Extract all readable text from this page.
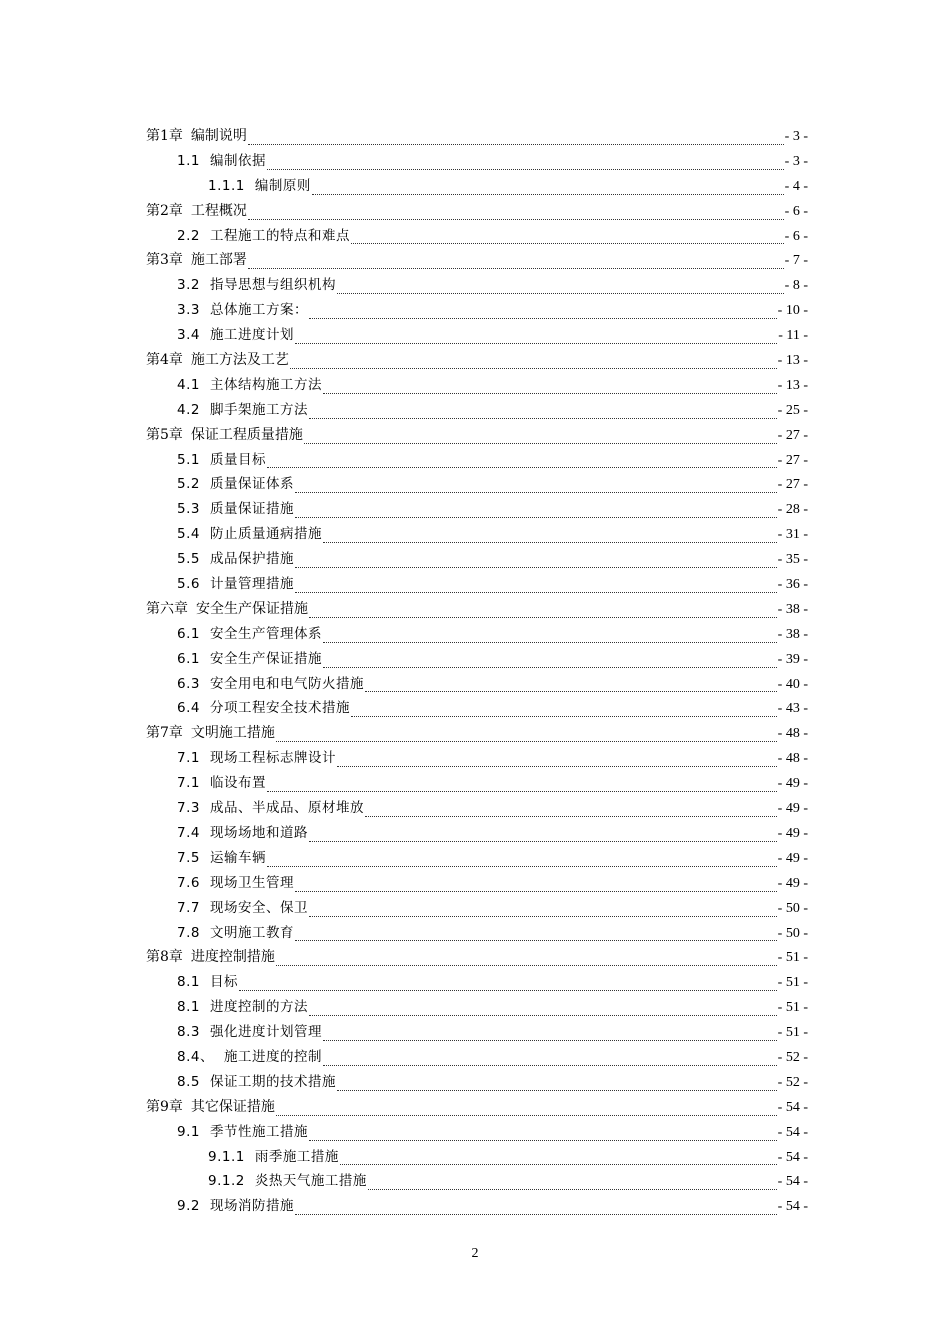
第1章 编制说明	- 3 -
1.1 编制依据	- 3 -
1.1.1 编制原则	- 4 -
第2章 工程概况	- 6 -
2.2 工程施工的特点和难点	- 6 -
第3章 施工部署	- 7 -
3.2 指导思想与组织机构	- 8 -
3.3 总体施工方案：	- 10 -
3.4 施工进度计划	- 11 -
第4章 施工方法及工艺	- 13 -
4.1 主体结构施工方法	- 13 -
4.2 脚手架施工方法	- 25 -
第5章 保证工程质量措施	- 27 -
5.1 质量目标	- 27 -
5.2 质量保证体系	- 27 -
5.3 质量保证措施	- 28 -
5.4 防止质量通病措施	- 31 -
5.5 成品保护措施	- 35 -
5.6 计量管理措施	- 36 -
第六章 安全生产保证措施	- 38 -
6.1 安全生产管理体系	- 38 -
6.1 安全生产保证措施	- 39 -
6.3 安全用电和电气防火措施	- 40 -
6.4 分项工程安全技术措施	- 43 -
第7章 文明施工措施	- 48 -
7.1 现场工程标志牌设计	- 48 -
7.1 临设布置	- 49 -
7.3 成品、半成品、原材堆放	- 49 -
7.4 现场场地和道路	- 49 -
7.5 运输车辆	- 49 -
7.6 现场卫生管理	- 49 -
7.7 现场安全、保卫	- 50 -
7.8 文明施工教育	- 50 -
第8章 进度控制措施	- 51 -
8.1 目标	- 51 -
8.1 进度控制的方法	- 51 -
8.3 强化进度计划管理	- 51 -
8.4、 施工进度的控制	- 52 -
8.5 保证工期的技术措施	- 52 -
第9章 其它保证措施	- 54 -
9.1 季节性施工措施	- 54 -
9.1.1 雨季施工措施	- 54 -
9.1.2 炎热天气施工措施	- 54 -
9.2 现场消防措施	- 54 -
2
